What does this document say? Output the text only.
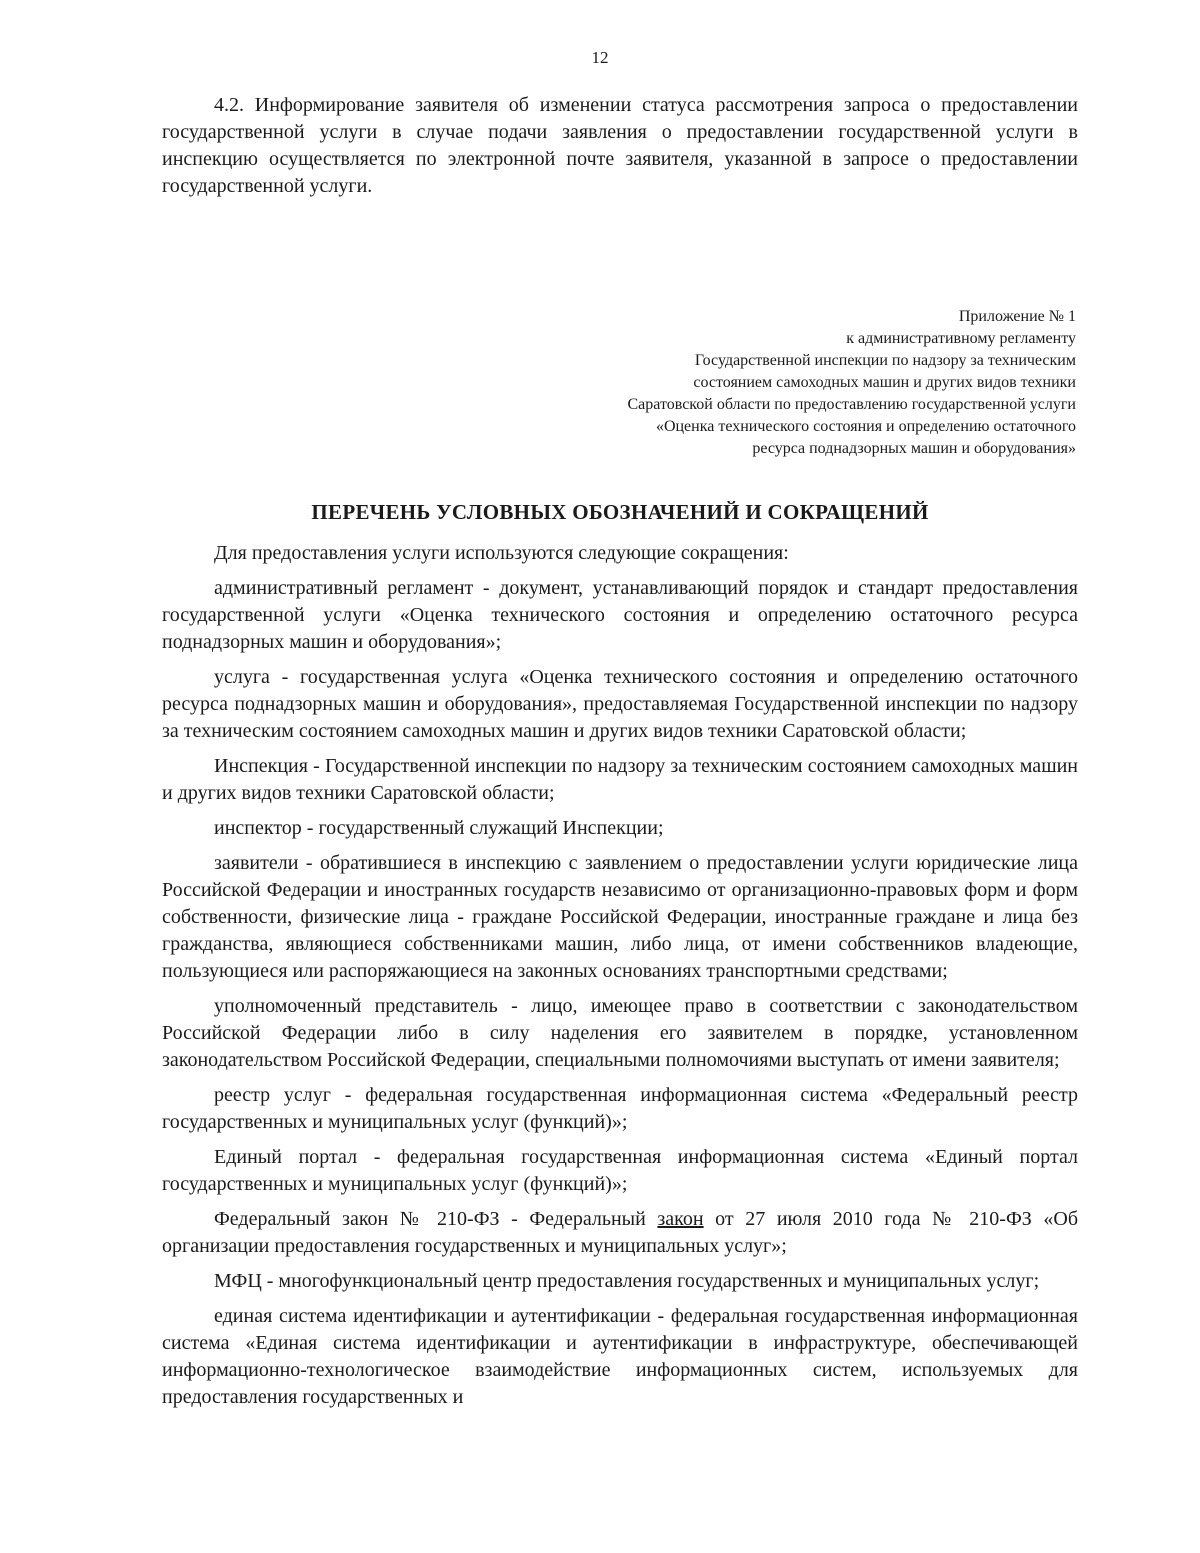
12

4.2. Информирование заявителя об изменении статуса рассмотрения запроса о предоставлении государственной услуги в случае подачи заявления о предоставлении государственной услуги в инспекцию осуществляется по электронной почте заявителя, указанной в запросе о предоставлении государственной услуги.

Приложение № 1
к административному регламенту
Государственной инспекции по надзору за техническим
состоянием самоходных машин и других видов техники
Саратовской области по предоставлению государственной услуги
«Оценка технического состояния и определению остаточного
ресурса поднадзорных машин и оборудования»
ПЕРЕЧЕНЬ УСЛОВНЫХ ОБОЗНАЧЕНИЙ И СОКРАЩЕНИЙ

Для предоставления услуги используются следующие сокращения:

административный регламент - документ, устанавливающий порядок и стандарт предоставления государственной услуги «Оценка технического состояния и определению остаточного ресурса поднадзорных машин и оборудования»;

услуга - государственная услуга «Оценка технического состояния и определению остаточного ресурса поднадзорных машин и оборудования», предоставляемая Государственной инспекции по надзору за техническим состоянием самоходных машин и других видов техники Саратовской области;

Инспекция - Государственной инспекции по надзору за техническим состоянием самоходных машин и других видов техники Саратовской области;

инспектор - государственный служащий Инспекции;

заявители - обратившиеся в инспекцию с заявлением о предоставлении услуги юридические лица Российской Федерации и иностранных государств независимо от организационно-правовых форм и форм собственности, физические лица - граждане Российской Федерации, иностранные граждане и лица без гражданства, являющиеся собственниками машин, либо лица, от имени собственников владеющие, пользующиеся или распоряжающиеся на законных основаниях транспортными средствами;

уполномоченный представитель - лицо, имеющее право в соответствии с законодательством Российской Федерации либо в силу наделения его заявителем в порядке, установленном законодательством Российской Федерации, специальными полномочиями выступать от имени заявителя;

реестр услуг - федеральная государственная информационная система «Федеральный реестр государственных и муниципальных услуг (функций)»;

Единый портал - федеральная государственная информационная система «Единый портал государственных и муниципальных услуг (функций)»;

Федеральный закон № 210-ФЗ - Федеральный закон от 27 июля 2010 года № 210-ФЗ «Об организации предоставления государственных и муниципальных услуг»;

МФЦ - многофункциональный центр предоставления государственных и муниципальных услуг;

единая система идентификации и аутентификации - федеральная государственная информационная система «Единая система идентификации и аутентификации в инфраструктуре, обеспечивающей информационно-технологическое взаимодействие информационных систем, используемых для предоставления государственных и
